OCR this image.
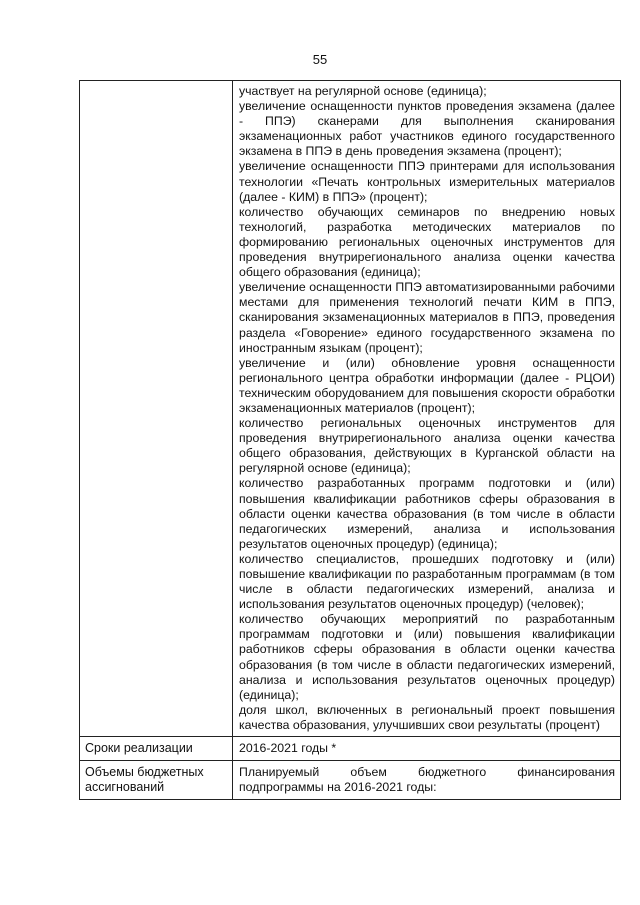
55

участвует на регулярной основе (единица);

увеличение оснащенности пунктов проведения экзамена (далее - ППЭ) сканерами для выполнения сканирования экзаменационных работ участников единого государственного экзамена в ППЭ в день проведения экзамена (процент);

увеличение оснащенности ППЭ принтерами для использования технологии «Печать контрольных измерительных материалов (далее - КИМ) в ППЭ» (процент);

количество обучающих семинаров по внедрению новых технологий, разработка методических материалов по формированию региональных оценочных инструментов для проведения внутрирегионального анализа оценки качества общего образования (единица);

увеличение оснащенности ППЭ автоматизированными рабочими местами для применения технологий печати КИМ в ППЭ, сканирования экзаменационных материалов в ППЭ, проведения раздела «Говорение» единого государственного экзамена по иностранным языкам (процент);

увеличение и (или) обновление уровня оснащенности регионального центра обработки информации (далее - РЦОИ) техническим оборудованием для повышения скорости обработки экзаменационных материалов (процент);

количество региональных оценочных инструментов для проведения внутрирегионального анализа оценки качества общего образования, действующих в Курганской области на регулярной основе (единица);

количество разработанных программ подготовки и (или) повышения квалификации работников сферы образования в области оценки качества образования (в том числе в области педагогических измерений, анализа и использования результатов оценочных процедур) (единица);

количество специалистов, прошедших подготовку и (или) повышение квалификации по разработанным программам (в том числе в области педагогических измерений, анализа и использования результатов оценочных процедур) (человек);

количество обучающих мероприятий по разработанным программам подготовки и (или) повышения квалификации работников сферы образования в области оценки качества образования (в том числе в области педагогических измерений, анализа и использования результатов оценочных процедур) (единица);

доля школ, включенных в региональный проект повышения качества образования, улучшивших свои результаты (процент)

Сроки реализации	2016-2021 годы *
Объемы бюджетных ассигнований
Планируемый объем бюджетного финансирования подпрограммы на 2016-2021 годы:
